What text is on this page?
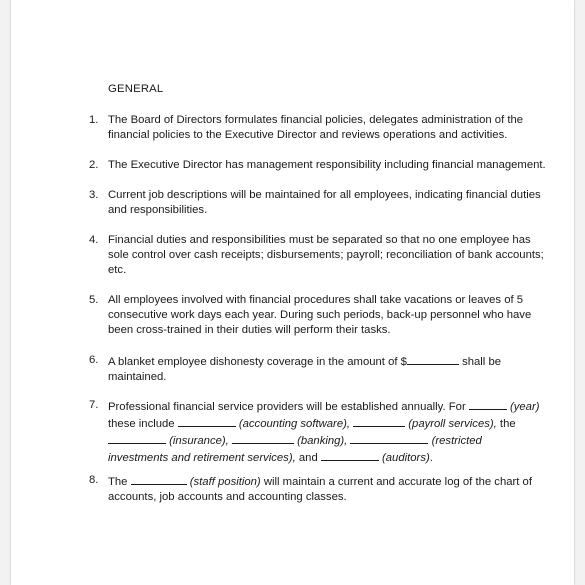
GENERAL
1. The Board of Directors formulates financial policies, delegates administration of the
financial policies to the Executive Director and reviews operations and activities.
2. The Executive Director has management responsibility including financial management.
3. Current job descriptions will be maintained for all employees, indicating financial duties
and responsibilities.
4. Financial duties and responsibilities must be separated so that no one employee has
sole control over cash receipts; disbursements; payroll; reconciliation of bank accounts;
etc.
5. All employees involved with financial procedures shall take vacations or leaves of 5
consecutive work days each year. During such periods, back-up personnel who have
been cross-trained in their duties will perform their tasks.
6. A blanket employee dishonesty coverage in the amount of $	shall be
maintained.
7. Professional financial service providers will be established annually. For	(year)
these include	(accounting software),	(payroll services), the
(insurance),	(banking),	(restricted
investments and retirement services), and	(auditors).
8. The	(staff position) will maintain a current and accurate log of the chart of
accounts, job accounts and accounting classes.
